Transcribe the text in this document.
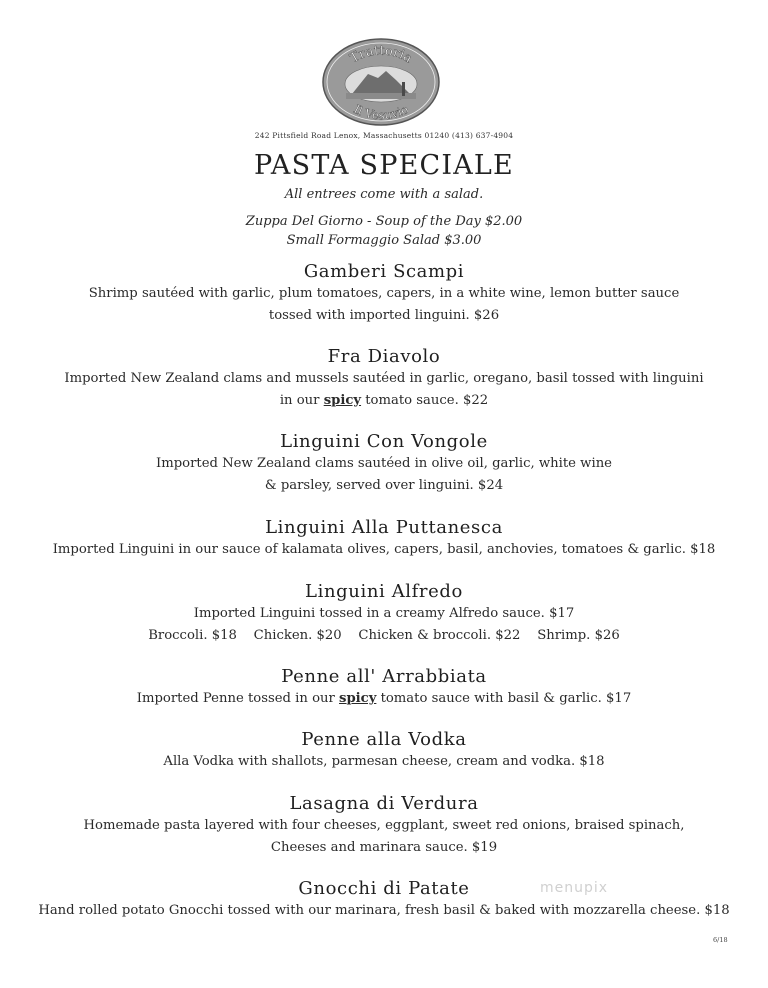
Trattoria
Il Vesuvio
242 Pittsfield Road Lenox, Massachusetts 01240 (413) 637-4904
PASTA SPECIALE
All entrees come with a salad.
Zuppa Del Giorno - Soup of the Day $2.00
Small Formaggio Salad $3.00
Gamberi Scampi
Shrimp sautéed with garlic, plum tomatoes, capers, in a white wine, lemon butter sauce
tossed with imported linguini. $26
Fra Diavolo
Imported New Zealand clams and mussels sautéed in garlic, oregano, basil tossed with linguini
in our spicy tomato sauce. $22
Linguini Con Vongole
Imported New Zealand clams sautéed in olive oil, garlic, white wine
& parsley, served over linguini. $24
Linguini Alla Puttanesca
Imported Linguini in our sauce of kalamata olives, capers, basil, anchovies, tomatoes & garlic. $18
Linguini Alfredo
Imported Linguini tossed in a creamy Alfredo sauce. $17
Broccoli. $18    Chicken. $20    Chicken & broccoli. $22    Shrimp. $26
Penne all' Arrabbiata
Imported Penne tossed in our spicy tomato sauce with basil & garlic. $17
Penne alla Vodka
Alla Vodka with shallots, parmesan cheese, cream and vodka. $18
Lasagna di Verdura
Homemade pasta layered with four cheeses, eggplant, sweet red onions, braised spinach,
Cheeses and marinara sauce. $19
Gnocchi di Patate
Hand rolled potato Gnocchi tossed with our marinara, fresh basil & baked with mozzarella cheese. $18
menupix
6/18
